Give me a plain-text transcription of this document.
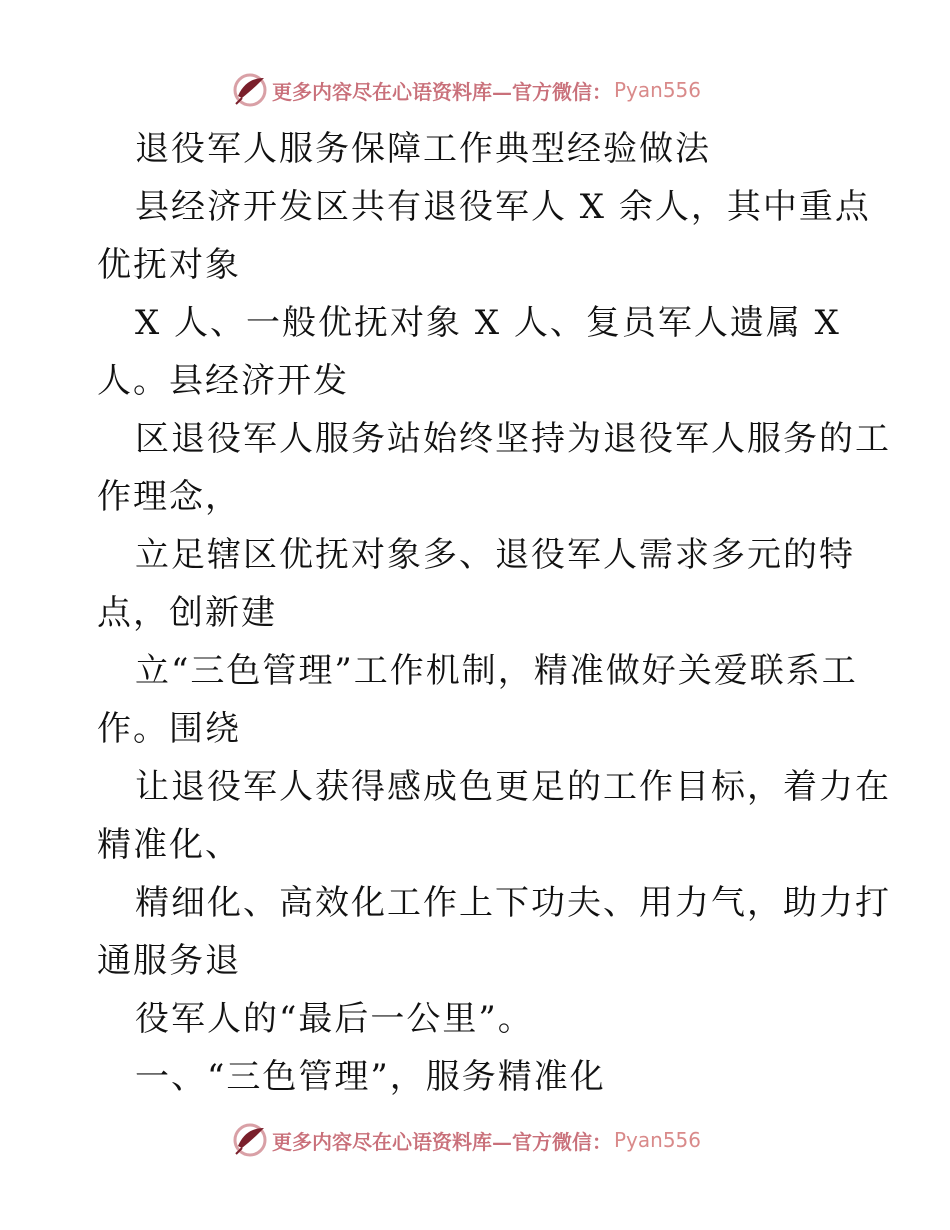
更多内容尽在心语资料库—官方微信： Pyan556
退役军人服务保障工作典型经验做法
县经济开发区共有退役军人 X 余人，其中重点
优抚对象
X 人、一般优抚对象 X 人、复员军人遗属 X
人。县经济开发
区退役军人服务站始终坚持为退役军人服务的工
作理念，
立足辖区优抚对象多、退役军人需求多元的特
点，创新建
立“三色管理”工作机制，精准做好关爱联系工
作。围绕
让退役军人获得感成色更足的工作目标，着力在
精准化、
精细化、高效化工作上下功夫、用力气，助力打
通服务退
役军人的“最后一公里”。
一、“三色管理”，服务精准化
更多内容尽在心语资料库—官方微信： Pyan556
